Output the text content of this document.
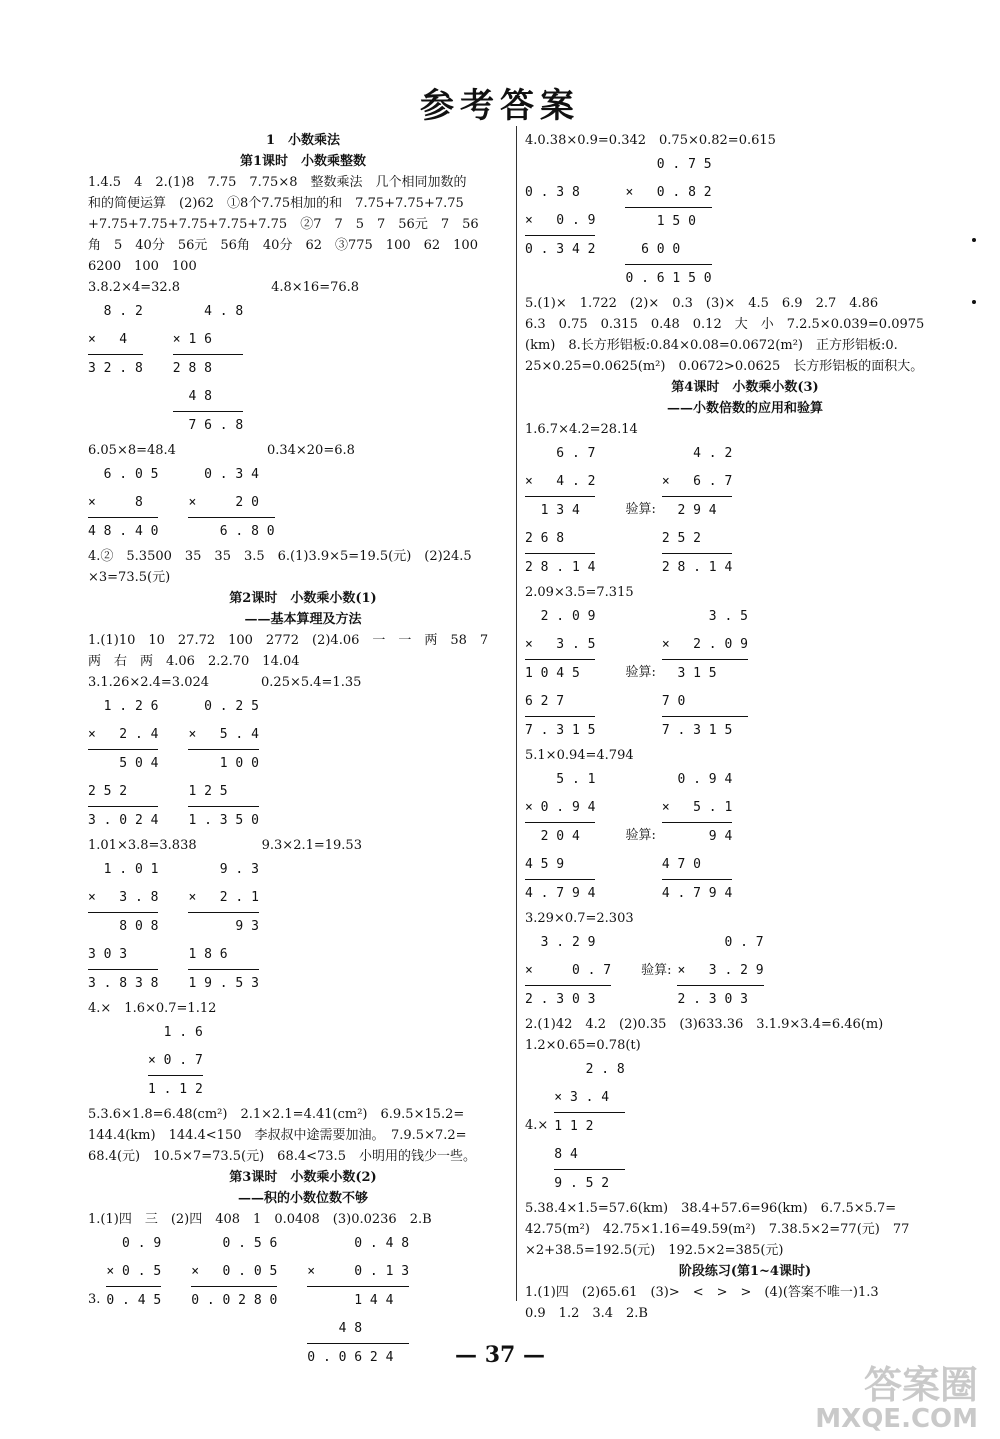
参考答案
1　小数乘法
第1课时　小数乘整数
1.4.5　4　2.(1)8　7.75　7.75×8　整数乘法　几个相同加数的
和的简便运算　(2)62　①8个7.75相加的和　7.75+7.75+7.75
+7.75+7.75+7.75+7.75+7.75　②7　7　5　7　56元　7　56
角　5　40分　56元　56角　40分　62　③775　100　62　100
6200　100　100
3.8.2×4=32.8　　　　　　　4.8×16=76.8
8 . 2
×   4
3 2 . 8
4 . 8
× 1 6
2 8 8
4 8
7 6 . 8
6.05×8=48.4　　　　　　　0.34×20=6.8
6 . 0 5
×     8
4 8 . 4 0
0 . 3 4
×     2 0
6 . 8 0
4.②　5.3500　35　35　3.5　6.(1)3.9×5=19.5(元)　(2)24.5
×3=73.5(元)
第2课时　小数乘小数(1)
——基本算理及方法
1.(1)10　10　27.72　100　2772　(2)4.06　一　一　两　58　7
两　右　两　4.06　2.2.70　14.04
3.1.26×2.4=3.024　　　　0.25×5.4=1.35
1 . 2 6
×   2 . 4
5 0 4
2 5 2
3 . 0 2 4
0 . 2 5
×   5 . 4
1 0 0
1 2 5
1 . 3 5 0
1.01×3.8=3.838　　　　　9.3×2.1=19.53
1 . 0 1
×   3 . 8
8 0 8
3 0 3
3 . 8 3 8
9 . 3
×   2 . 1
9 3
1 8 6
1 9 . 5 3
4.×　1.6×0.7=1.12
1 . 6
× 0 . 7
1 . 1 2
5.3.6×1.8=6.48(cm²)　2.1×2.1=4.41(cm²)　6.9.5×15.2=
144.4(km)　144.4<150　李叔叔中途需要加油。　7.9.5×7.2=
68.4(元)　10.5×7=73.5(元)　68.4<73.5　小明用的钱少一些。
第3课时　小数乘小数(2)
——积的小数位数不够
1.(1)四　三　(2)四　408　1　0.0408　(3)0.0236　2.B
3.
0 . 9
× 0 . 5
0 . 4 5
0 . 5 6
×   0 . 0 5
0 . 0 2 8 0
0 . 4 8
×     0 . 1 3
1 4 4
4 8
0 . 0 6 2 4
4.0.38×0.9=0.342　0.75×0.82=0.615

0 . 3 8
×   0 . 9
0 . 3 4 2
0 . 7 5
×   0 . 8 2
1 5 0
6 0 0
0 . 6 1 5 0
5.(1)×　1.722　(2)×　0.3　(3)×　4.5　6.9　2.7　4.86
6.3　0.75　0.315　0.48　0.12　大　小　7.2.5×0.039=0.0975
(km)　8.长方形铝板:0.84×0.08=0.0672(m²)　正方形铝板:0.
25×0.25=0.0625(m²)　0.0672>0.0625　长方形铝板的面积大。
第4课时　小数乘小数(3)
——小数倍数的应用和验算
1.6.7×4.2=28.14
6 . 7
×   4 . 2
1 3 4
2 6 8
2 8 . 1 4
验算:
4 . 2
×   6 . 7
2 9 4
2 5 2
2 8 . 1 4
2.09×3.5=7.315
2 . 0 9
×   3 . 5
1 0 4 5
6 2 7
7 . 3 1 5
验算:
3 . 5
×   2 . 0 9
3 1 5
7 0
7 . 3 1 5
5.1×0.94=4.794
5 . 1
× 0 . 9 4
2 0 4
4 5 9
4 . 7 9 4
验算:
0 . 9 4
×   5 . 1
9 4
4 7 0
4 . 7 9 4
3.29×0.7=2.303
3 . 2 9
×     0 . 7
2 . 3 0 3
验算:
0 . 7
×   3 . 2 9
2 . 3 0 3
2.(1)42　4.2　(2)0.35　(3)633.36　3.1.9×3.4=6.46(m)
1.2×0.65=0.78(t)
4.×
2 . 8
× 3 . 4
1 1 2
8 4
9 . 5 2
5.38.4×1.5=57.6(km)　38.4+57.6=96(km)　6.7.5×5.7=
42.75(m²)　42.75×1.16=49.59(m²)　7.38.5×2=77(元)　77
×2+38.5=192.5(元)　192.5×2=385(元)
阶段练习(第1~4课时)
1.(1)四　(2)65.61　(3)>　<　>　>　(4)(答案不唯一)1.3
0.9　1.2　3.4　2.B
— 37 —
答案圈
MXQE.COM
